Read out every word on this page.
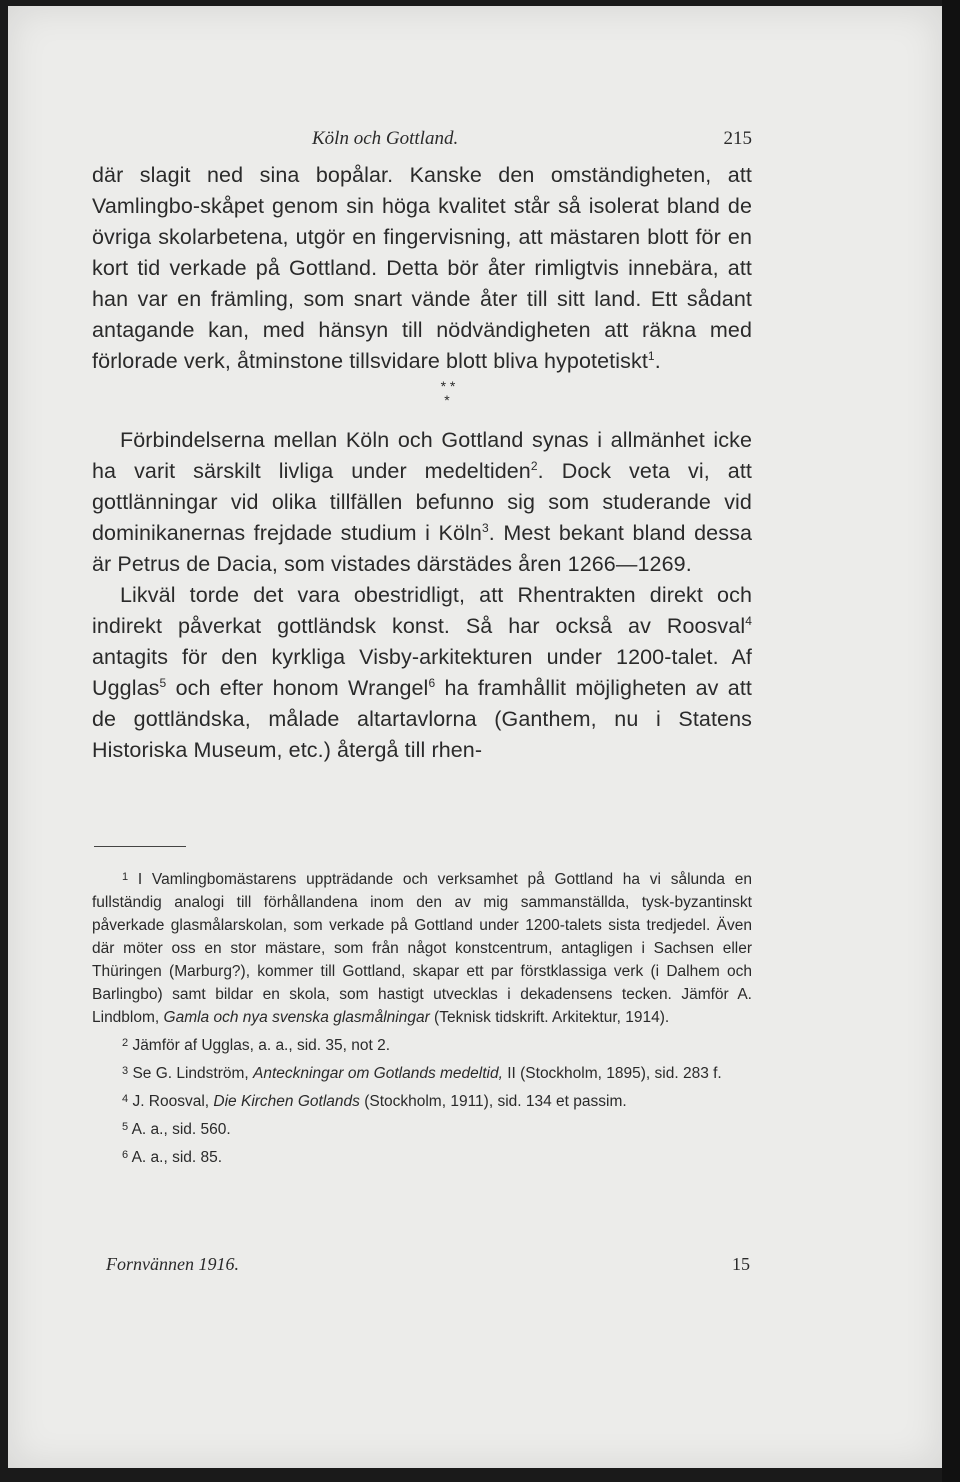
Köln och Gottland.	215

där slagit ned sina bopålar. Kanske den omständigheten, att Vamlingbo-skåpet genom sin höga kvalitet står så isolerat bland de övriga skolarbetena, utgör en fingervisning, att mästaren blott för en kort tid verkade på Gottland. Detta bör åter rimligtvis innebära, att han var en främling, som snart vände åter till sitt land. Ett sådant antagande kan, med hänsyn till nödvändigheten att räkna med förlorade verk, åtminstone tillsvidare blott bliva hypotetiskt$^1$.

* *
*

Förbindelserna mellan Köln och Gottland synas i allmänhet icke ha varit särskilt livliga under medeltiden$^2$. Dock veta vi, att gottlänningar vid olika tillfällen befunno sig som studerande vid dominikanernas frejdade studium i Köln$^3$. Mest bekant bland dessa är Petrus de Dacia, som vistades därstädes åren 1266—1269.

Likväl torde det vara obestridligt, att Rhentrakten direkt och indirekt påverkat gottländsk konst. Så har också av Roosval$^4$ antagits för den kyrkliga Visby-arkitekturen under 1200-talet. Af Ugglas$^5$ och efter honom Wrangel$^6$ ha framhållit möjligheten av att de gottländska, målade altartavlorna (Ganthem, nu i Statens Historiska Museum, etc.) återgå till rhen-

$^1$ I Vamlingbomästarens uppträdande och verksamhet på Gottland ha vi sålunda en fullständig analogi till förhållandena inom den av mig sammanställda, tysk-byzantinskt påverkade glasmålarskolan, som verkade på Gottland under 1200-talets sista tredjedel. Även där möter oss en stor mästare, som från något konstcentrum, antagligen i Sachsen eller Thüringen (Marburg?), kommer till Gottland, skapar ett par förstklassiga verk (i Dalhem och Barlingbo) samt bildar en skola, som hastigt utvecklas i dekadensens tecken. Jämför A. Lindblom, Gamla och nya svenska glasmålningar (Teknisk tidskrift. Arkitektur, 1914).

$^2$ Jämför af Ugglas, a. a., sid. 35, not 2.

$^3$ Se G. Lindström, Anteckningar om Gotlands medeltid, II (Stockholm, 1895), sid. 283 f.

$^4$ J. Roosval, Die Kirchen Gotlands (Stockholm, 1911), sid. 134 et passim.

$^5$ A. a., sid. 560.

$^6$ A. a., sid. 85.

Fornvännen 1916.	15
